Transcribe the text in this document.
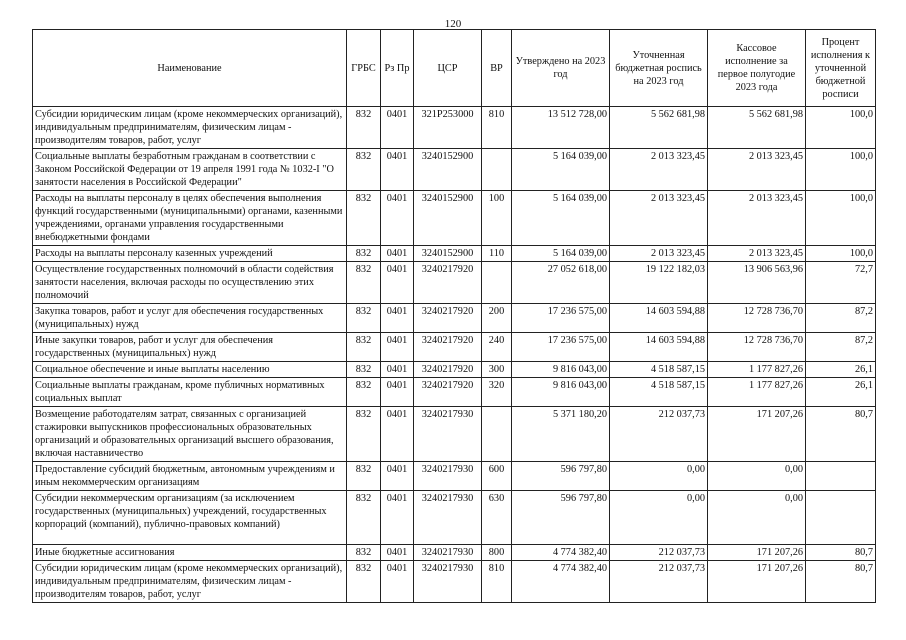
120
Наименование	ГРБС	Рз Пр	ЦСР	ВР	Утверждено на 2023 год	Уточненная бюджетная роспись на 2023 год	Кассовое исполнение за первое полугодие 2023 года	Процент исполнения к уточненной бюджетной росписи
Субсидии юридическим лицам (кроме некоммерческих организаций), индивидуальным предпринимателям, физическим лицам - производителям товаров, работ, услуг	832	0401	321P253000	810	13 512 728,00	5 562 681,98	5 562 681,98	100,0
Социальные выплаты безработным гражданам в соответствии с Законом Российской Федерации от 19 апреля 1991 года № 1032-I "О занятости населения в Российской Федерации"	832	0401	3240152900		5 164 039,00	2 013 323,45	2 013 323,45	100,0
Расходы на выплаты персоналу в целях обеспечения выполнения функций государственными (муниципальными) органами, казенными учреждениями, органами управления государственными внебюджетными фондами	832	0401	3240152900	100	5 164 039,00	2 013 323,45	2 013 323,45	100,0
Расходы на выплаты персоналу казенных учреждений	832	0401	3240152900	110	5 164 039,00	2 013 323,45	2 013 323,45	100,0
Осуществление государственных полномочий в области содействия занятости населения, включая расходы по осуществлению этих полномочий	832	0401	3240217920		27 052 618,00	19 122 182,03	13 906 563,96	72,7
Закупка товаров, работ и услуг для обеспечения государственных (муниципальных) нужд	832	0401	3240217920	200	17 236 575,00	14 603 594,88	12 728 736,70	87,2
Иные закупки товаров, работ и услуг для обеспечения государственных (муниципальных) нужд	832	0401	3240217920	240	17 236 575,00	14 603 594,88	12 728 736,70	87,2
Социальное обеспечение и иные выплаты населению	832	0401	3240217920	300	9 816 043,00	4 518 587,15	1 177 827,26	26,1
Социальные выплаты гражданам, кроме публичных нормативных социальных выплат	832	0401	3240217920	320	9 816 043,00	4 518 587,15	1 177 827,26	26,1
Возмещение работодателям затрат, связанных с организацией стажировки выпускников профессиональных образовательных организаций и образовательных организаций высшего образования, включая наставничество	832	0401	3240217930		5 371 180,20	212 037,73	171 207,26	80,7
Предоставление субсидий бюджетным, автономным учреждениям и иным некоммерческим организациям	832	0401	3240217930	600	596 797,80	0,00	0,00	
Субсидии некоммерческим организациям (за исключением государственных (муниципальных) учреждений, государственных корпораций (компаний), публично-правовых компаний)	832	0401	3240217930	630	596 797,80	0,00	0,00	
Иные бюджетные ассигнования	832	0401	3240217930	800	4 774 382,40	212 037,73	171 207,26	80,7
Субсидии юридическим лицам (кроме некоммерческих организаций), индивидуальным предпринимателям, физическим лицам - производителям товаров, работ, услуг	832	0401	3240217930	810	4 774 382,40	212 037,73	171 207,26	80,7
